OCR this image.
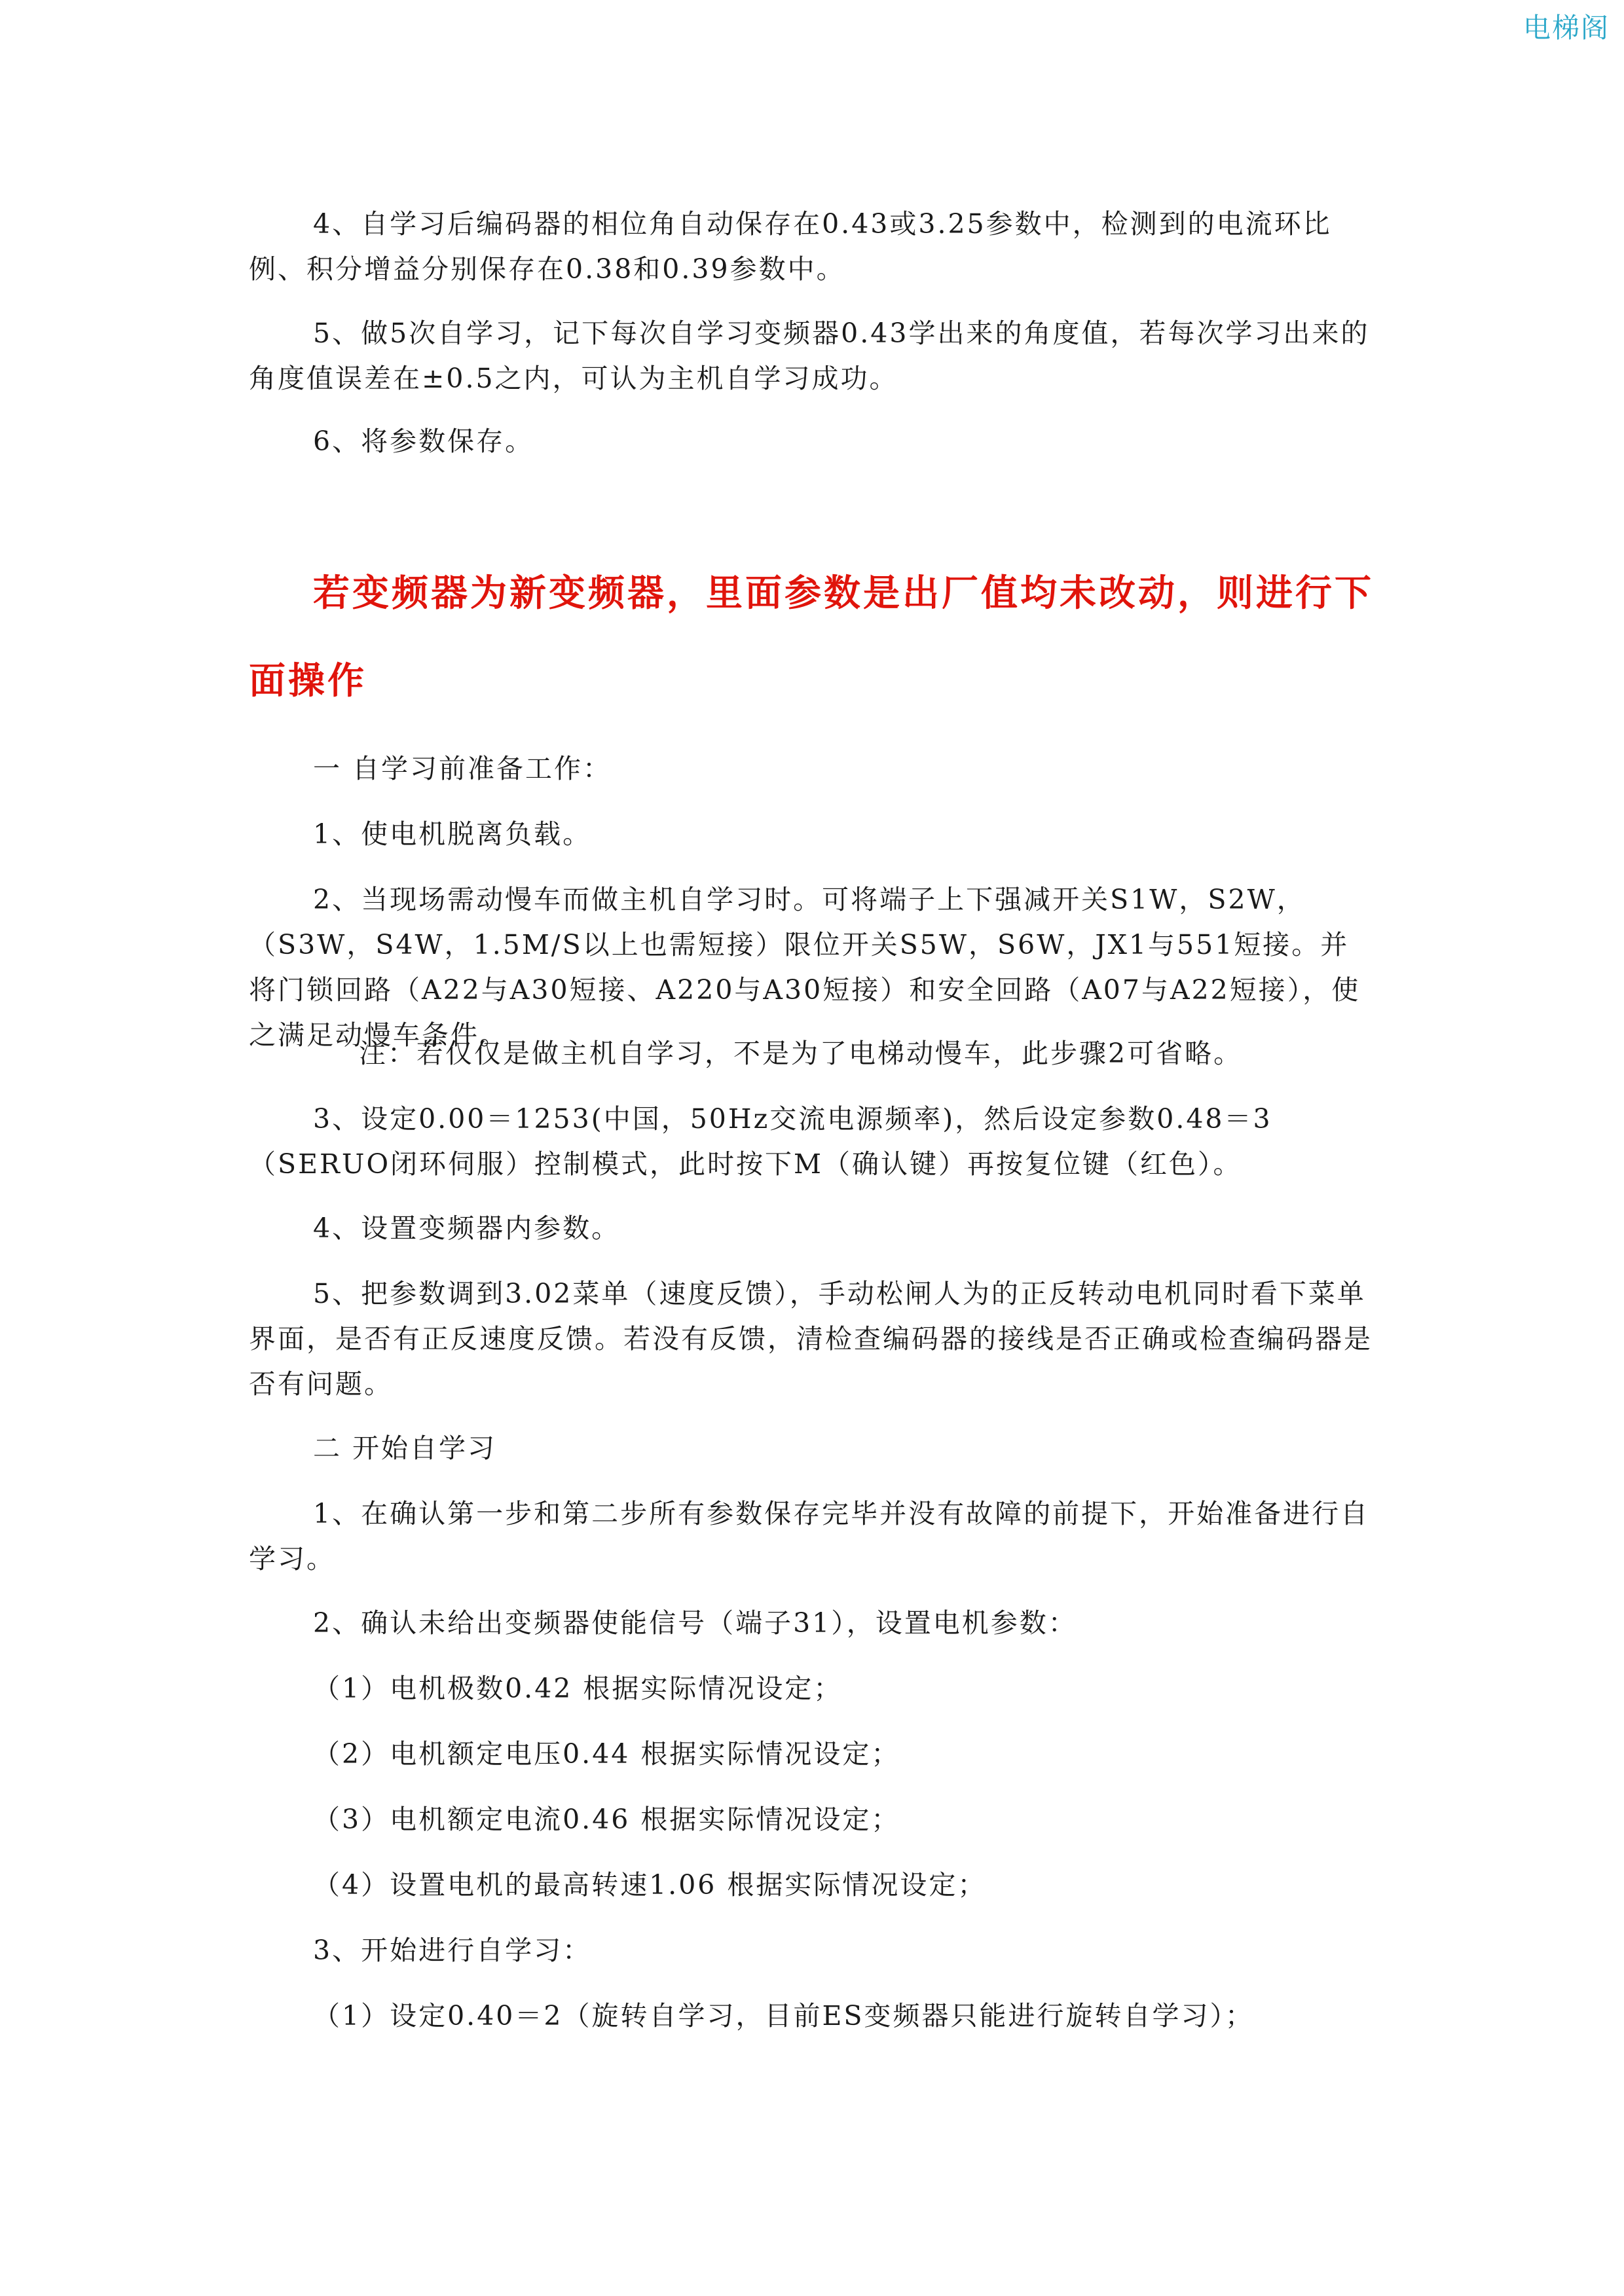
电梯阁
4、自学习后编码器的相位角自动保存在0.43或3.25参数中，检测到的电流环比例、积分增益分别保存在0.38和0.39参数中。
5、做5次自学习，记下每次自学习变频器0.43学出来的角度值，若每次学习出来的角度值误差在±0.5之内，可认为主机自学习成功。
6、将参数保存。
若变频器为新变频器，里面参数是出厂值均未改动，则进行下面操作
一 自学习前准备工作：
1、使电机脱离负载。
2、当现场需动慢车而做主机自学习时。可将端子上下强减开关S1W，S2W，（S3W，S4W，1.5M/S以上也需短接）限位开关S5W，S6W，JX1与551短接。并将门锁回路（A22与A30短接、A220与A30短接）和安全回路（A07与A22短接），使之满足动慢车条件。
注：若仅仅是做主机自学习，不是为了电梯动慢车，此步骤2可省略。
3、设定0.00＝1253(中国，50Hz交流电源频率)，然后设定参数0.48＝3（SERUO闭环伺服）控制模式，此时按下M（确认键）再按复位键（红色）。
4、设置变频器内参数。
5、把参数调到3.02菜单（速度反馈），手动松闸人为的正反转动电机同时看下菜单界面，是否有正反速度反馈。若没有反馈，清检查编码器的接线是否正确或检查编码器是否有问题。
二 开始自学习
1、在确认第一步和第二步所有参数保存完毕并没有故障的前提下，开始准备进行自学习。
2、确认未给出变频器使能信号（端子31），设置电机参数：
（1）电机极数0.42 根据实际情况设定；
（2）电机额定电压0.44 根据实际情况设定；
（3）电机额定电流0.46 根据实际情况设定；
（4）设置电机的最高转速1.06 根据实际情况设定；
3、开始进行自学习：
（1）设定0.40＝2（旋转自学习，目前ES变频器只能进行旋转自学习）；
